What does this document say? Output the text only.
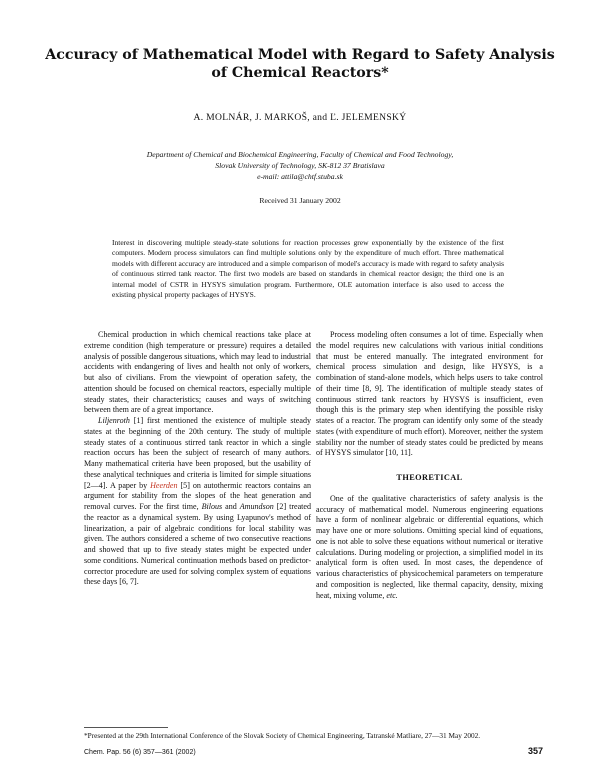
Accuracy of Mathematical Model with Regard to Safety Analysis of Chemical Reactors*
A. MOLNÁR, J. MARKOŠ, and Ľ. JELEMENSKÝ
Department of Chemical and Biochemical Engineering, Faculty of Chemical and Food Technology,
Slovak University of Technology, SK-812 37 Bratislava
e-mail: attila@chtf.stuba.sk
Received 31 January 2002
Interest in discovering multiple steady-state solutions for reaction processes grew exponentially by the existence of the first computers. Modern process simulators can find multiple solutions only by the expenditure of much effort. Three mathematical models with different accuracy are introduced and a simple comparison of model's accuracy is made with regard to safety analysis of continuous stirred tank reactor. The first two models are based on standards in chemical reactor design; the third one is an internal model of CSTR in HYSYS simulation program. Furthermore, OLE automation interface is also used to access the existing physical property packages of HYSYS.

Chemical production in which chemical reactions take place at extreme condition (high temperature or pressure) requires a detailed analysis of possible dangerous situations, which may lead to industrial accidents with endangering of lives and health not only of workers, but also of civilians. From the viewpoint of operation safety, the attention should be focused on chemical reactors, especially multiple steady states, their characteristics; causes and ways of switching between them are of a great importance.

Liljenroth [1] first mentioned the existence of multiple steady states at the beginning of the 20th century. The study of multiple steady states of a continuous stirred tank reactor in which a single reaction occurs has been the subject of research of many authors. Many mathematical criteria have been proposed, but the usability of these analytical techniques and criteria is limited for simple situations [2—4]. A paper by Heerden [5] on autothermic reactors contains an argument for stability from the slopes of the heat generation and removal curves. For the first time, Bilous and Amundson [2] treated the reactor as a dynamical system. By using Lyapunov's method of linearization, a pair of algebraic conditions for local stability was given. The authors considered a scheme of two consecutive reactions and showed that up to five steady states might be expected under some conditions. Numerical continuation methods based on predictor-corrector procedure are used for solving complex system of equations these days [6, 7].

Process modeling often consumes a lot of time. Especially when the model requires new calculations with various initial conditions that must be entered manually. The integrated environment for chemical process simulation and design, like HYSYS, is a combination of stand-alone models, which helps users to take control of their time [8, 9]. The identification of multiple steady states of continuous stirred tank reactors by HYSYS is insufficient, even though this is the primary step when identifying the possible risky states of a reactor. The program can identify only some of the steady states (with expenditure of much effort). Moreover, neither the system stability nor the number of steady states could be predicted by means of HYSYS simulator [10, 11].

THEORETICAL

One of the qualitative characteristics of safety analysis is the accuracy of mathematical model. Numerous engineering equations have a form of nonlinear algebraic or differential equations, which may have one or more solutions. Omitting special kind of equations, one is not able to solve these equations without numerical or iterative calculations. During modeling or projection, a simplified model in its analytical form is often used. In most cases, the dependence of various characteristics of physicochemical parameters on temperature and composition is neglected, like thermal capacity, density, mixing heat, mixing volume, etc.

*Presented at the 29th International Conference of the Slovak Society of Chemical Engineering, Tatranské Matliare, 27—31 May 2002.
Chem. Pap. 56 (6) 357—361 (2002)	357
